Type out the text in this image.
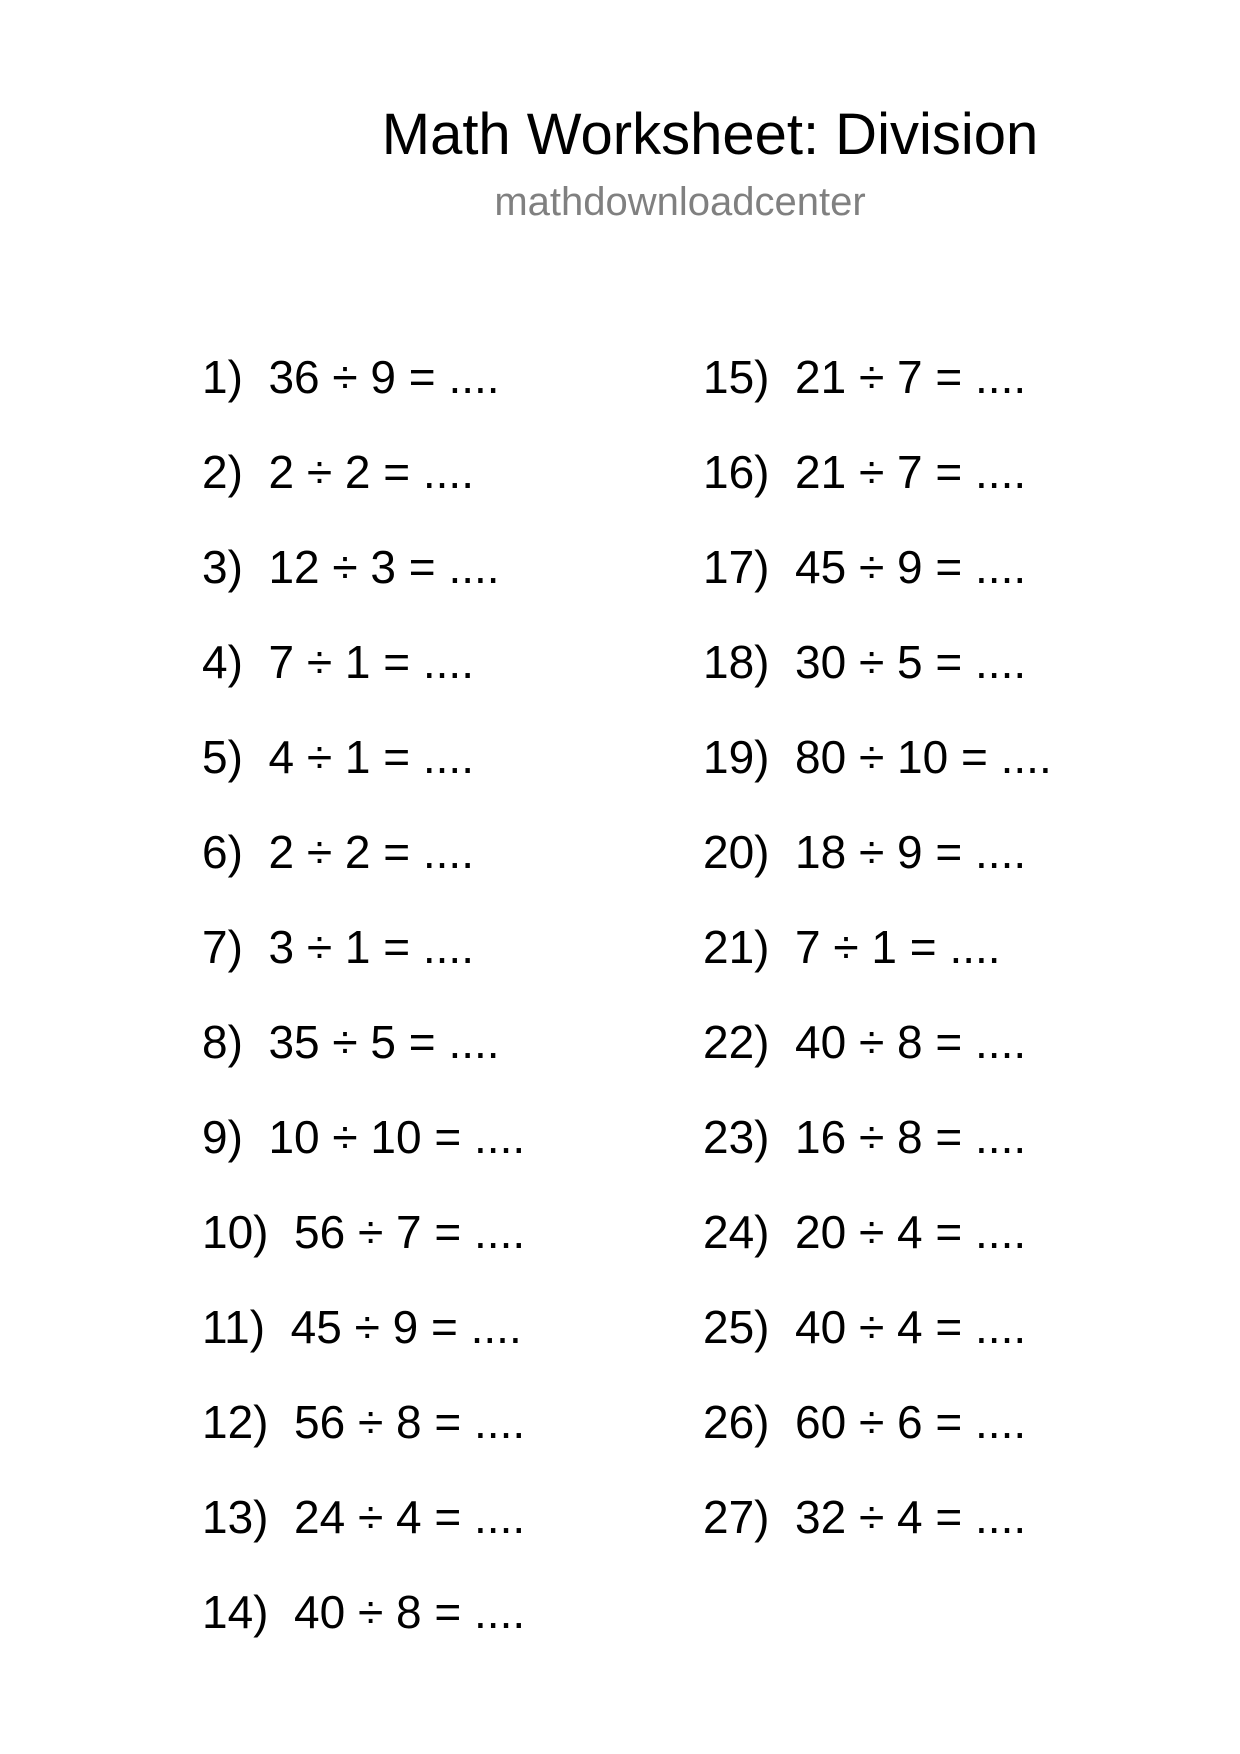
Math Worksheet: Division
mathdownloadcenter
1)  36 ÷ 9 = ....
2)  2 ÷ 2 = ....
3)  12 ÷ 3 = ....
4)  7 ÷ 1 = ....
5)  4 ÷ 1 = ....
6)  2 ÷ 2 = ....
7)  3 ÷ 1 = ....
8)  35 ÷ 5 = ....
9)  10 ÷ 10 = ....
10)  56 ÷ 7 = ....
11)  45 ÷ 9 = ....
12)  56 ÷ 8 = ....
13)  24 ÷ 4 = ....
14)  40 ÷ 8 = ....
15)  21 ÷ 7 = ....
16)  21 ÷ 7 = ....
17)  45 ÷ 9 = ....
18)  30 ÷ 5 = ....
19)  80 ÷ 10 = ....
20)  18 ÷ 9 = ....
21)  7 ÷ 1 = ....
22)  40 ÷ 8 = ....
23)  16 ÷ 8 = ....
24)  20 ÷ 4 = ....
25)  40 ÷ 4 = ....
26)  60 ÷ 6 = ....
27)  32 ÷ 4 = ....
